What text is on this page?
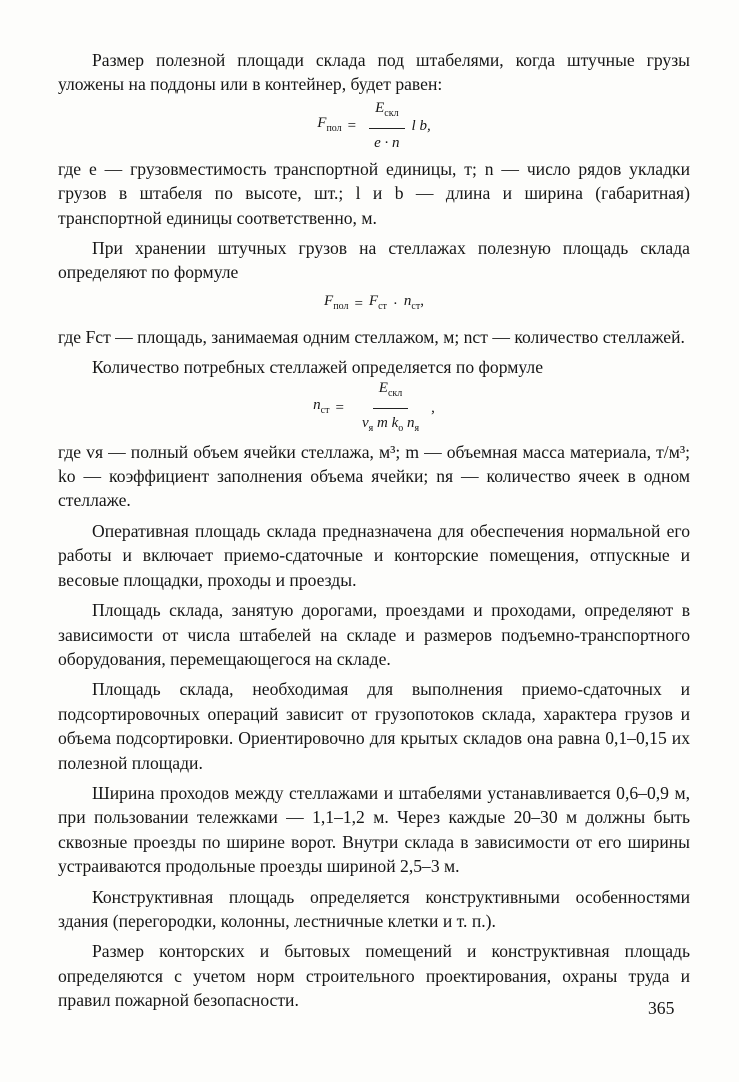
Размер полезной площади склада под штабелями, когда штучные грузы уложены на поддоны или в контейнер, будет равен:

$F_{пол} = \frac{E_{скл}}{e \cdot n}$ l b,

где e — грузовместимость транспортной единицы, т; n — число рядов укладки грузов в штабеля по высоте, шт.; l и b — длина и ширина (габаритная) транспортной единицы соответственно, м.

При хранении штучных грузов на стеллажах полезную площадь склада определяют по формуле

$F_{пол} = F_{ст} \cdot n_{ст}$,

где Fст — площадь, занимаемая одним стеллажом, м; nст — количество стеллажей.

Количество потребных стеллажей определяется по формуле

$n_{ст} = \frac{E_{скл}}{v_я m k_о n_я}$ ,

где vя — полный объем ячейки стеллажа, м³; m — объемная масса материала, т/м³; kо — коэффициент заполнения объема ячейки; nя — количество ячеек в одном стеллаже.

Оперативная площадь склада предназначена для обеспечения нормальной его работы и включает приемо-сдаточные и конторские помещения, отпускные и весовые площадки, проходы и проезды.

Площадь склада, занятую дорогами, проездами и проходами, определяют в зависимости от числа штабелей на складе и размеров подъемно-транспортного оборудования, перемещающегося на складе.

Площадь склада, необходимая для выполнения приемо-сдаточных и подсортировочных операций зависит от грузопотоков склада, характера грузов и объема подсортировки. Ориентировочно для крытых складов она равна 0,1–0,15 их полезной площади.

Ширина проходов между стеллажами и штабелями устанавливается 0,6–0,9 м, при пользовании тележками — 1,1–1,2 м. Через каждые 20–30 м должны быть сквозные проезды по ширине ворот. Внутри склада в зависимости от его ширины устраиваются продольные проезды шириной 2,5–3 м.

Конструктивная площадь определяется конструктивными особенностями здания (перегородки, колонны, лестничные клетки и т. п.).

Размер конторских и бытовых помещений и конструктивная площадь определяются с учетом норм строительного проектирования, охраны труда и правил пожарной безопасности.	365
